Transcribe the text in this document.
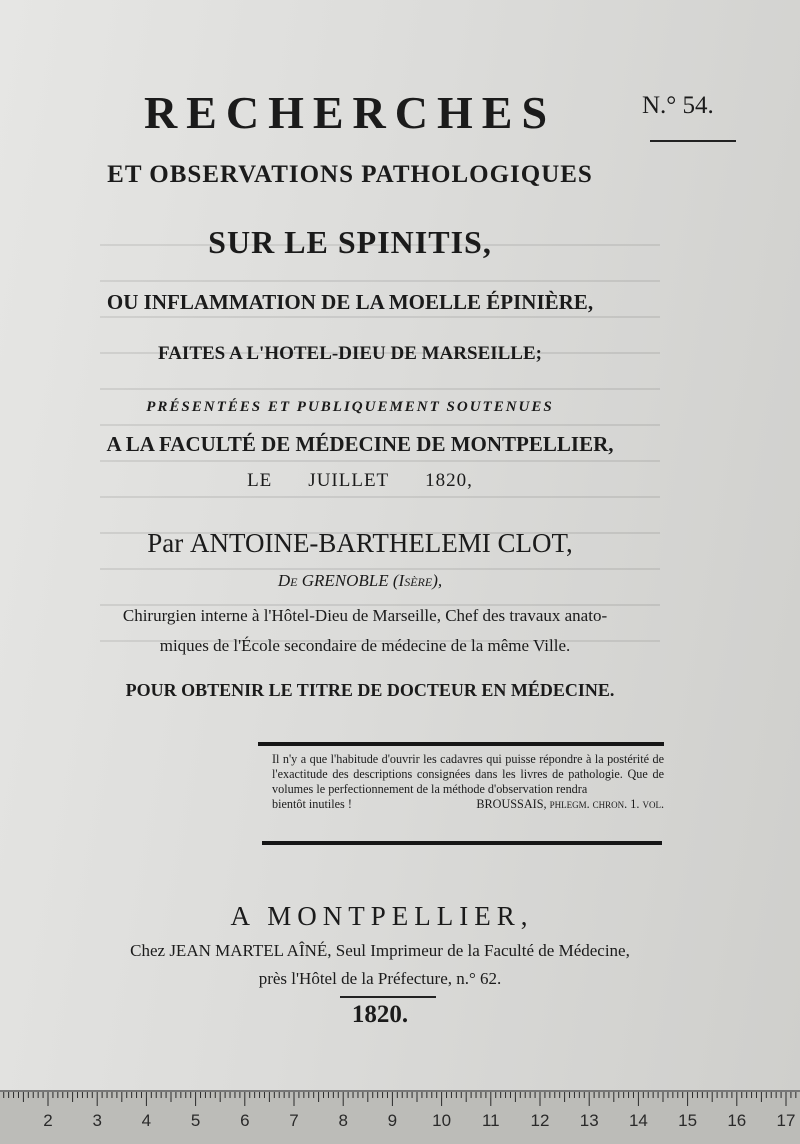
N.° 54.
RECHERCHES
ET OBSERVATIONS PATHOLOGIQUES
SUR LE SPINITIS,
OU INFLAMMATION DE LA MOELLE ÉPINIÈRE,
FAITES A L'HOTEL-DIEU DE MARSEILLE;
PRÉSENTÉES ET PUBLIQUEMENT SOUTENUES
A LA FACULTÉ DE MÉDECINE DE MONTPELLIER,
LE JUILLET 1820,
Par ANTOINE-BARTHELEMI CLOT,
De GRENOBLE (Isère),
Chirurgien interne à l'Hôtel-Dieu de Marseille, Chef des travaux anato-
miques de l'École secondaire de médecine de la même Ville.
POUR OBTENIR LE TITRE DE DOCTEUR EN MÉDECINE.
Il n'y a que l'habitude d'ouvrir les cadavres qui puisse répondre à la postérité de l'exactitude des descriptions consignées dans les livres de pathologie. Que de volumes le perfectionnement de la méthode d'observation rendra
bientôt inutiles !	BROUSSAIS, phlegm. chron. 1. vol.
A MONTPELLIER,
Chez JEAN MARTEL AÎNÉ, Seul Imprimeur de la Faculté de Médecine,
près l'Hôtel de la Préfecture, n.° 62.
1820.
2 3 4 5 6 7 8 9 10 11 12 13 14 15 16 17
